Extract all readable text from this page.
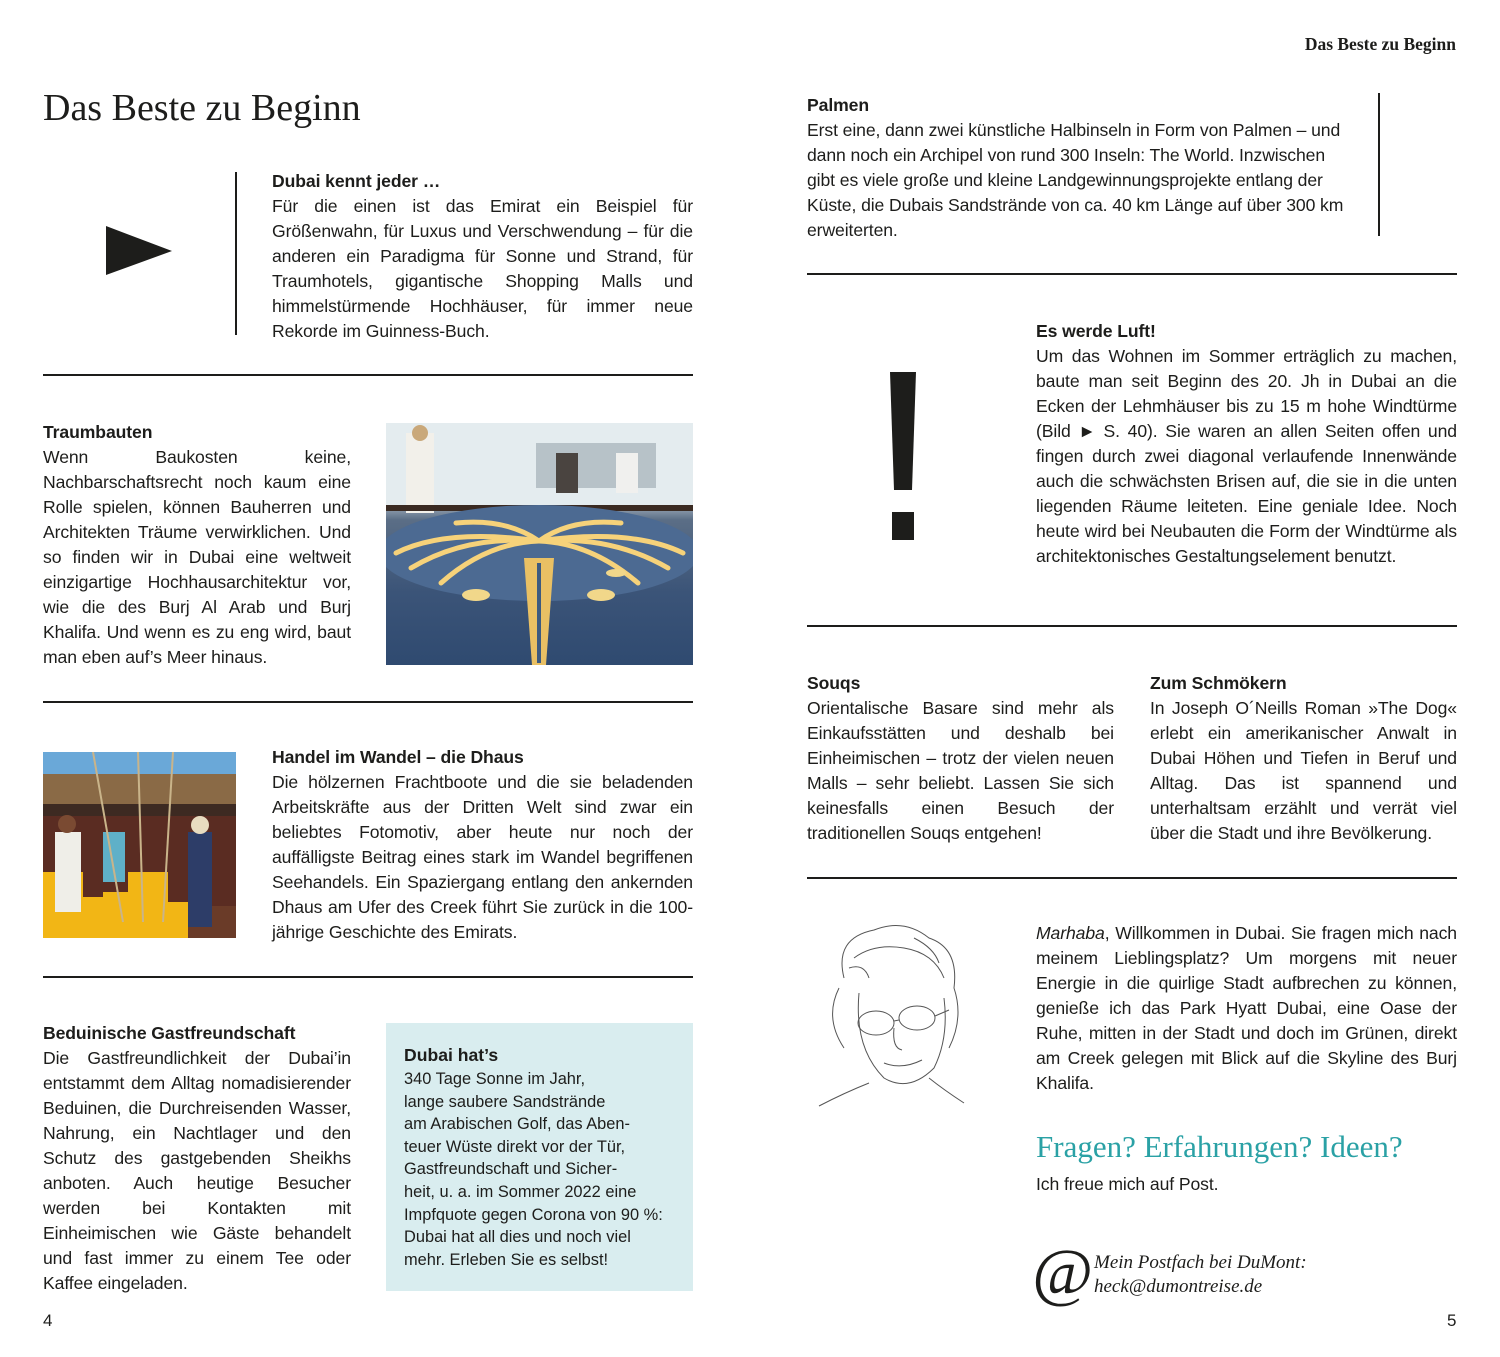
Das Beste zu Beginn
Das Beste zu Beginn
Dubai kennt jeder …
Für die einen ist das Emirat ein Beispiel für Größenwahn, für Luxus und Verschwendung – für die anderen ein Paradigma für Sonne und Strand, für Traumhotels, gigantische Shopping Malls und himmelstürmende Hochhäuser, für immer neue Rekorde im Guinness-Buch.
Traumbauten
Wenn Baukosten keine, Nachbarschaftsrecht noch kaum eine Rolle spielen, können Bauherren und Architekten Träume verwirklichen. Und so finden wir in Dubai eine weltweit einzigartige Hochhausarchitektur vor, wie die des Burj Al Arab und Burj Khalifa. Und wenn es zu eng wird, baut man eben auf’s Meer hinaus.
Handel im Wandel – die Dhaus
Die hölzernen Frachtboote und die sie beladenden Arbeitskräfte aus der Dritten Welt sind zwar ein beliebtes Fotomotiv, aber heute nur noch der auffälligste Beitrag eines stark im Wandel begriffenen Seehandels. Ein Spaziergang entlang den ankernden Dhaus am Ufer des Creek führt Sie zurück in die 100-jährige Geschichte des Emirats.
Beduinische Gastfreundschaft
Die Gastfreundlichkeit der Dubai’in entstammt dem Alltag nomadisierender Beduinen, die Durchreisenden Wasser, Nahrung, ein Nachtlager und den Schutz des gastgebenden Sheikhs anboten. Auch heutige Besucher werden bei Kontakten mit Einheimischen wie Gäste behandelt und fast immer zu einem Tee oder Kaffee eingeladen.
Dubai hat’s
340 Tage Sonne im Jahr,
lange saubere Sandstrände
am Arabischen Golf, das Aben-
teuer Wüste direkt vor der Tür,
Gastfreundschaft und Sicher-
heit, u. a. im Sommer 2022 eine
Impfquote gegen Corona von 90 %:
Dubai hat all dies und noch viel
mehr. Erleben Sie es selbst!
4
Palmen
Erst eine, dann zwei künstliche Halbinseln in Form von Palmen – und dann noch ein Archipel von rund 300 Inseln: The World. Inzwischen gibt es viele große und kleine Landgewinnungsprojekte entlang der Küste, die Dubais Sandstrände von ca. 40 km Länge auf über 300 km erweiterten.
Es werde Luft!
Um das Wohnen im Sommer erträglich zu machen, baute man seit Beginn des 20. Jh in Dubai an die Ecken der Lehmhäuser bis zu 15 m hohe Windtürme (Bild ► S. 40). Sie waren an allen Seiten offen und fingen durch zwei diagonal verlaufende Innenwände auch die schwächsten Brisen auf, die sie in die unten liegenden Räume leiteten. Eine geniale Idee. Noch heute wird bei Neubauten die Form der Windtürme als architektonisches Gestaltungselement benutzt.
Souqs
Orientalische Basare sind mehr als Einkaufsstätten und deshalb bei Einheimischen – trotz der vielen neuen Malls – sehr beliebt. Lassen Sie sich keinesfalls einen Besuch der traditionellen Souqs entgehen!
Zum Schmökern
In Joseph O´Neills Roman »The Dog« erlebt ein amerikanischer Anwalt in Dubai Höhen und Tiefen in Beruf und Alltag. Das ist spannend und unterhaltsam erzählt und verrät viel über die Stadt und ihre Bevölkerung.
Marhaba, Willkommen in Dubai. Sie fragen mich nach meinem Lieblingsplatz? Um morgens mit neuer Energie in die quirlige Stadt aufbrechen zu können, genieße ich das Park Hyatt Dubai, eine Oase der Ruhe, mitten in der Stadt und doch im Grünen, direkt am Creek gelegen mit Blick auf die Skyline des Burj Khalifa.
Fragen? Erfahrungen? Ideen?
Ich freue mich auf Post.
@ Mein Postfach bei DuMont:
heck@dumontreise.de
5
